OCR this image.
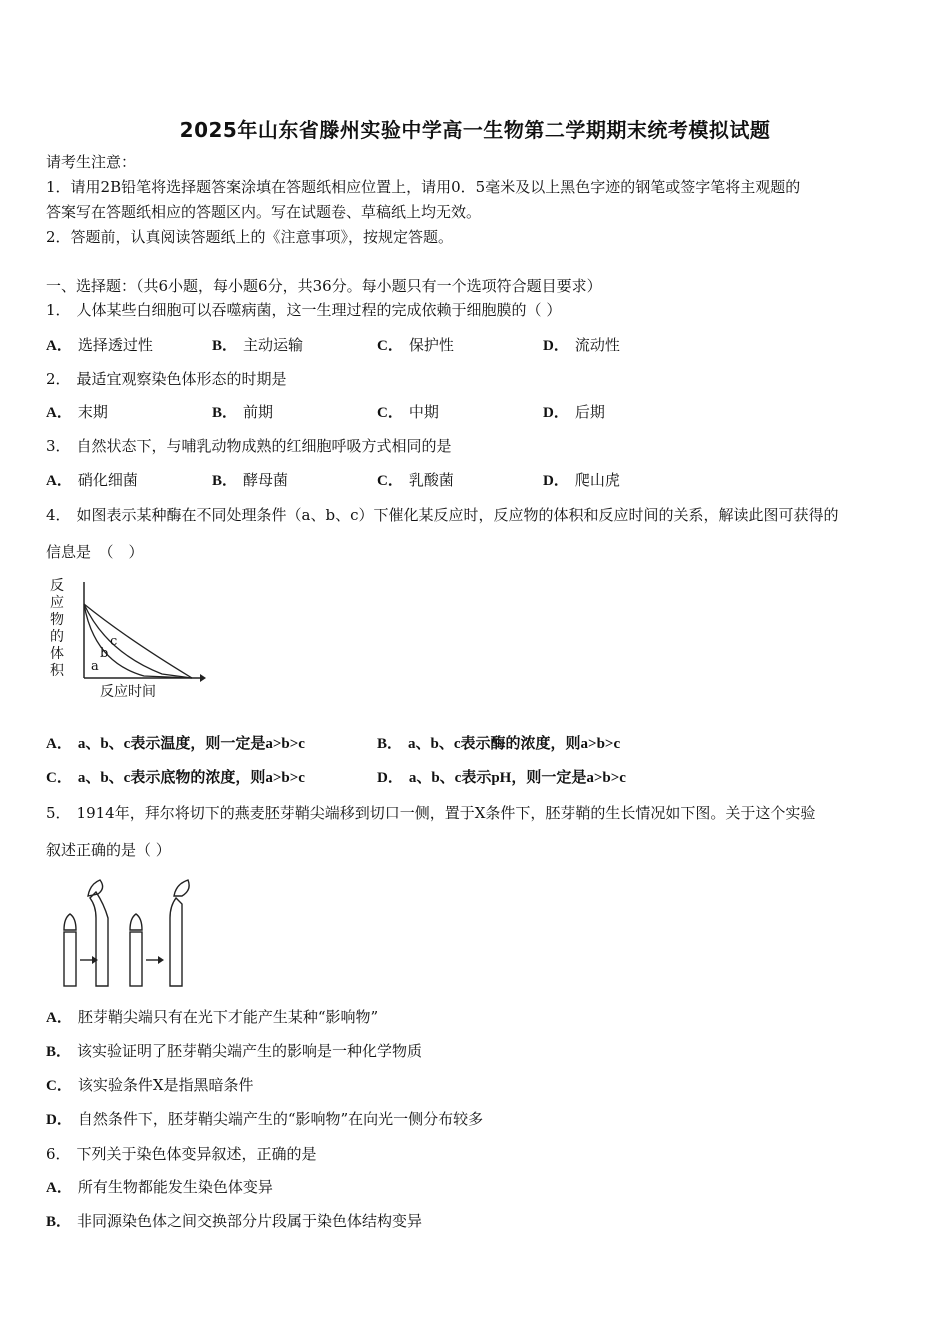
2025年山东省滕州实验中学高一生物第二学期期末统考模拟试题
请考生注意：
1．请用2B铅笔将选择题答案涂填在答题纸相应位置上，请用0．5毫米及以上黑色字迹的钢笔或签字笔将主观题的
答案写在答题纸相应的答题区内。写在试题卷、草稿纸上均无效。
2．答题前，认真阅读答题纸上的《注意事项》，按规定答题。
一、选择题：（共6小题，每小题6分，共36分。每小题只有一个选项符合题目要求）
1． 人体某些白细胞可以吞噬病菌，这一生理过程的完成依赖于细胞膜的（ ）
A． 选择透过性	B． 主动运输	C． 保护性	D． 流动性
2． 最适宜观察染色体形态的时期是
A． 末期	B． 前期	C． 中期	D． 后期
3． 自然状态下，与哺乳动物成熟的红细胞呼吸方式相同的是
A． 硝化细菌	B． 酵母菌	C． 乳酸菌	D． 爬山虎
4． 如图表示某种酶在不同处理条件（a、b、c）下催化某反应时，反应物的体积和反应时间的关系，解读此图可获得的
信息是　（　）
反
应
物
的
体
积
反应时间
a
b
c
A． a、b、c表示温度，则一定是a>b>c	B． a、b、c表示酶的浓度，则a>b>c
C． a、b、c表示底物的浓度，则a>b>c	D． a、b、c表示pH，则一定是a>b>c
5． 1914年，拜尔将切下的燕麦胚芽鞘尖端移到切口一侧，置于X条件下，胚芽鞘的生长情况如下图。关于这个实验
叙述正确的是（ ）
A． 胚芽鞘尖端只有在光下才能产生某种“影响物”
B． 该实验证明了胚芽鞘尖端产生的影响是一种化学物质
C． 该实验条件X是指黑暗条件
D． 自然条件下，胚芽鞘尖端产生的“影响物”在向光一侧分布较多
6． 下列关于染色体变异叙述，正确的是
A． 所有生物都能发生染色体变异
B． 非同源染色体之间交换部分片段属于染色体结构变异
